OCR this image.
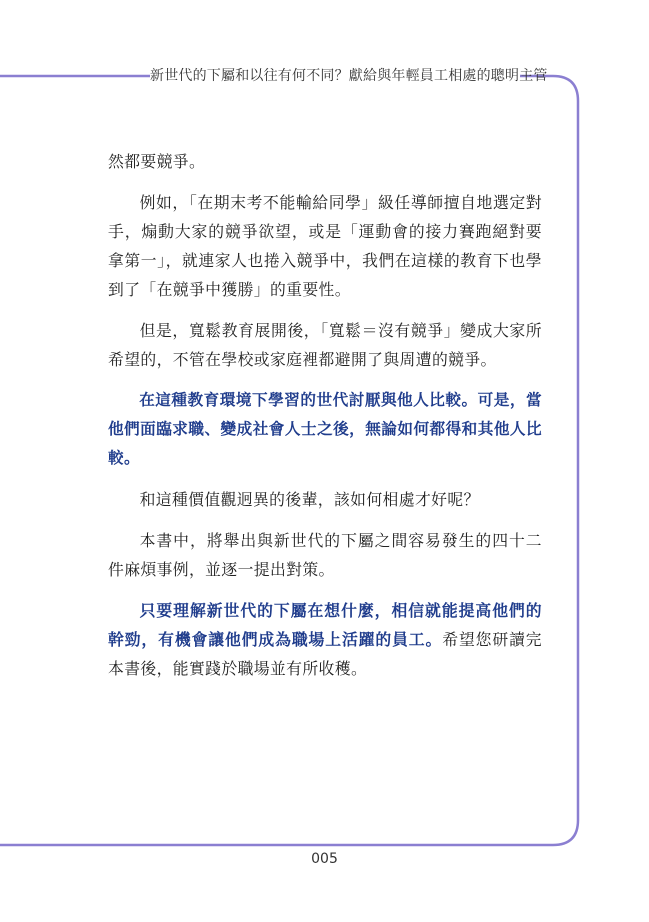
新世代的下屬和以往有何不同？獻給與年輕員工相處的聰明主管

然都要競爭。

例如，「在期末考不能輸給同學」級任導師擅自地選定對手，煽動大家的競爭欲望，或是「運動會的接力賽跑絕對要拿第一」，就連家人也捲入競爭中，我們在這樣的教育下也學到了「在競爭中獲勝」的重要性。

但是，寬鬆教育展開後，「寬鬆＝沒有競爭」變成大家所希望的，不管在學校或家庭裡都避開了與周遭的競爭。

在這種教育環境下學習的世代討厭與他人比較。可是，當他們面臨求職、變成社會人士之後，無論如何都得和其他人比較。

和這種價值觀迥異的後輩，該如何相處才好呢？

本書中，將舉出與新世代的下屬之間容易發生的四十二件麻煩事例，並逐一提出對策。

只要理解新世代的下屬在想什麼，相信就能提高他們的幹勁，有機會讓他們成為職場上活躍的員工。希望您研讀完本書後，能實踐於職場並有所收穫。

005
